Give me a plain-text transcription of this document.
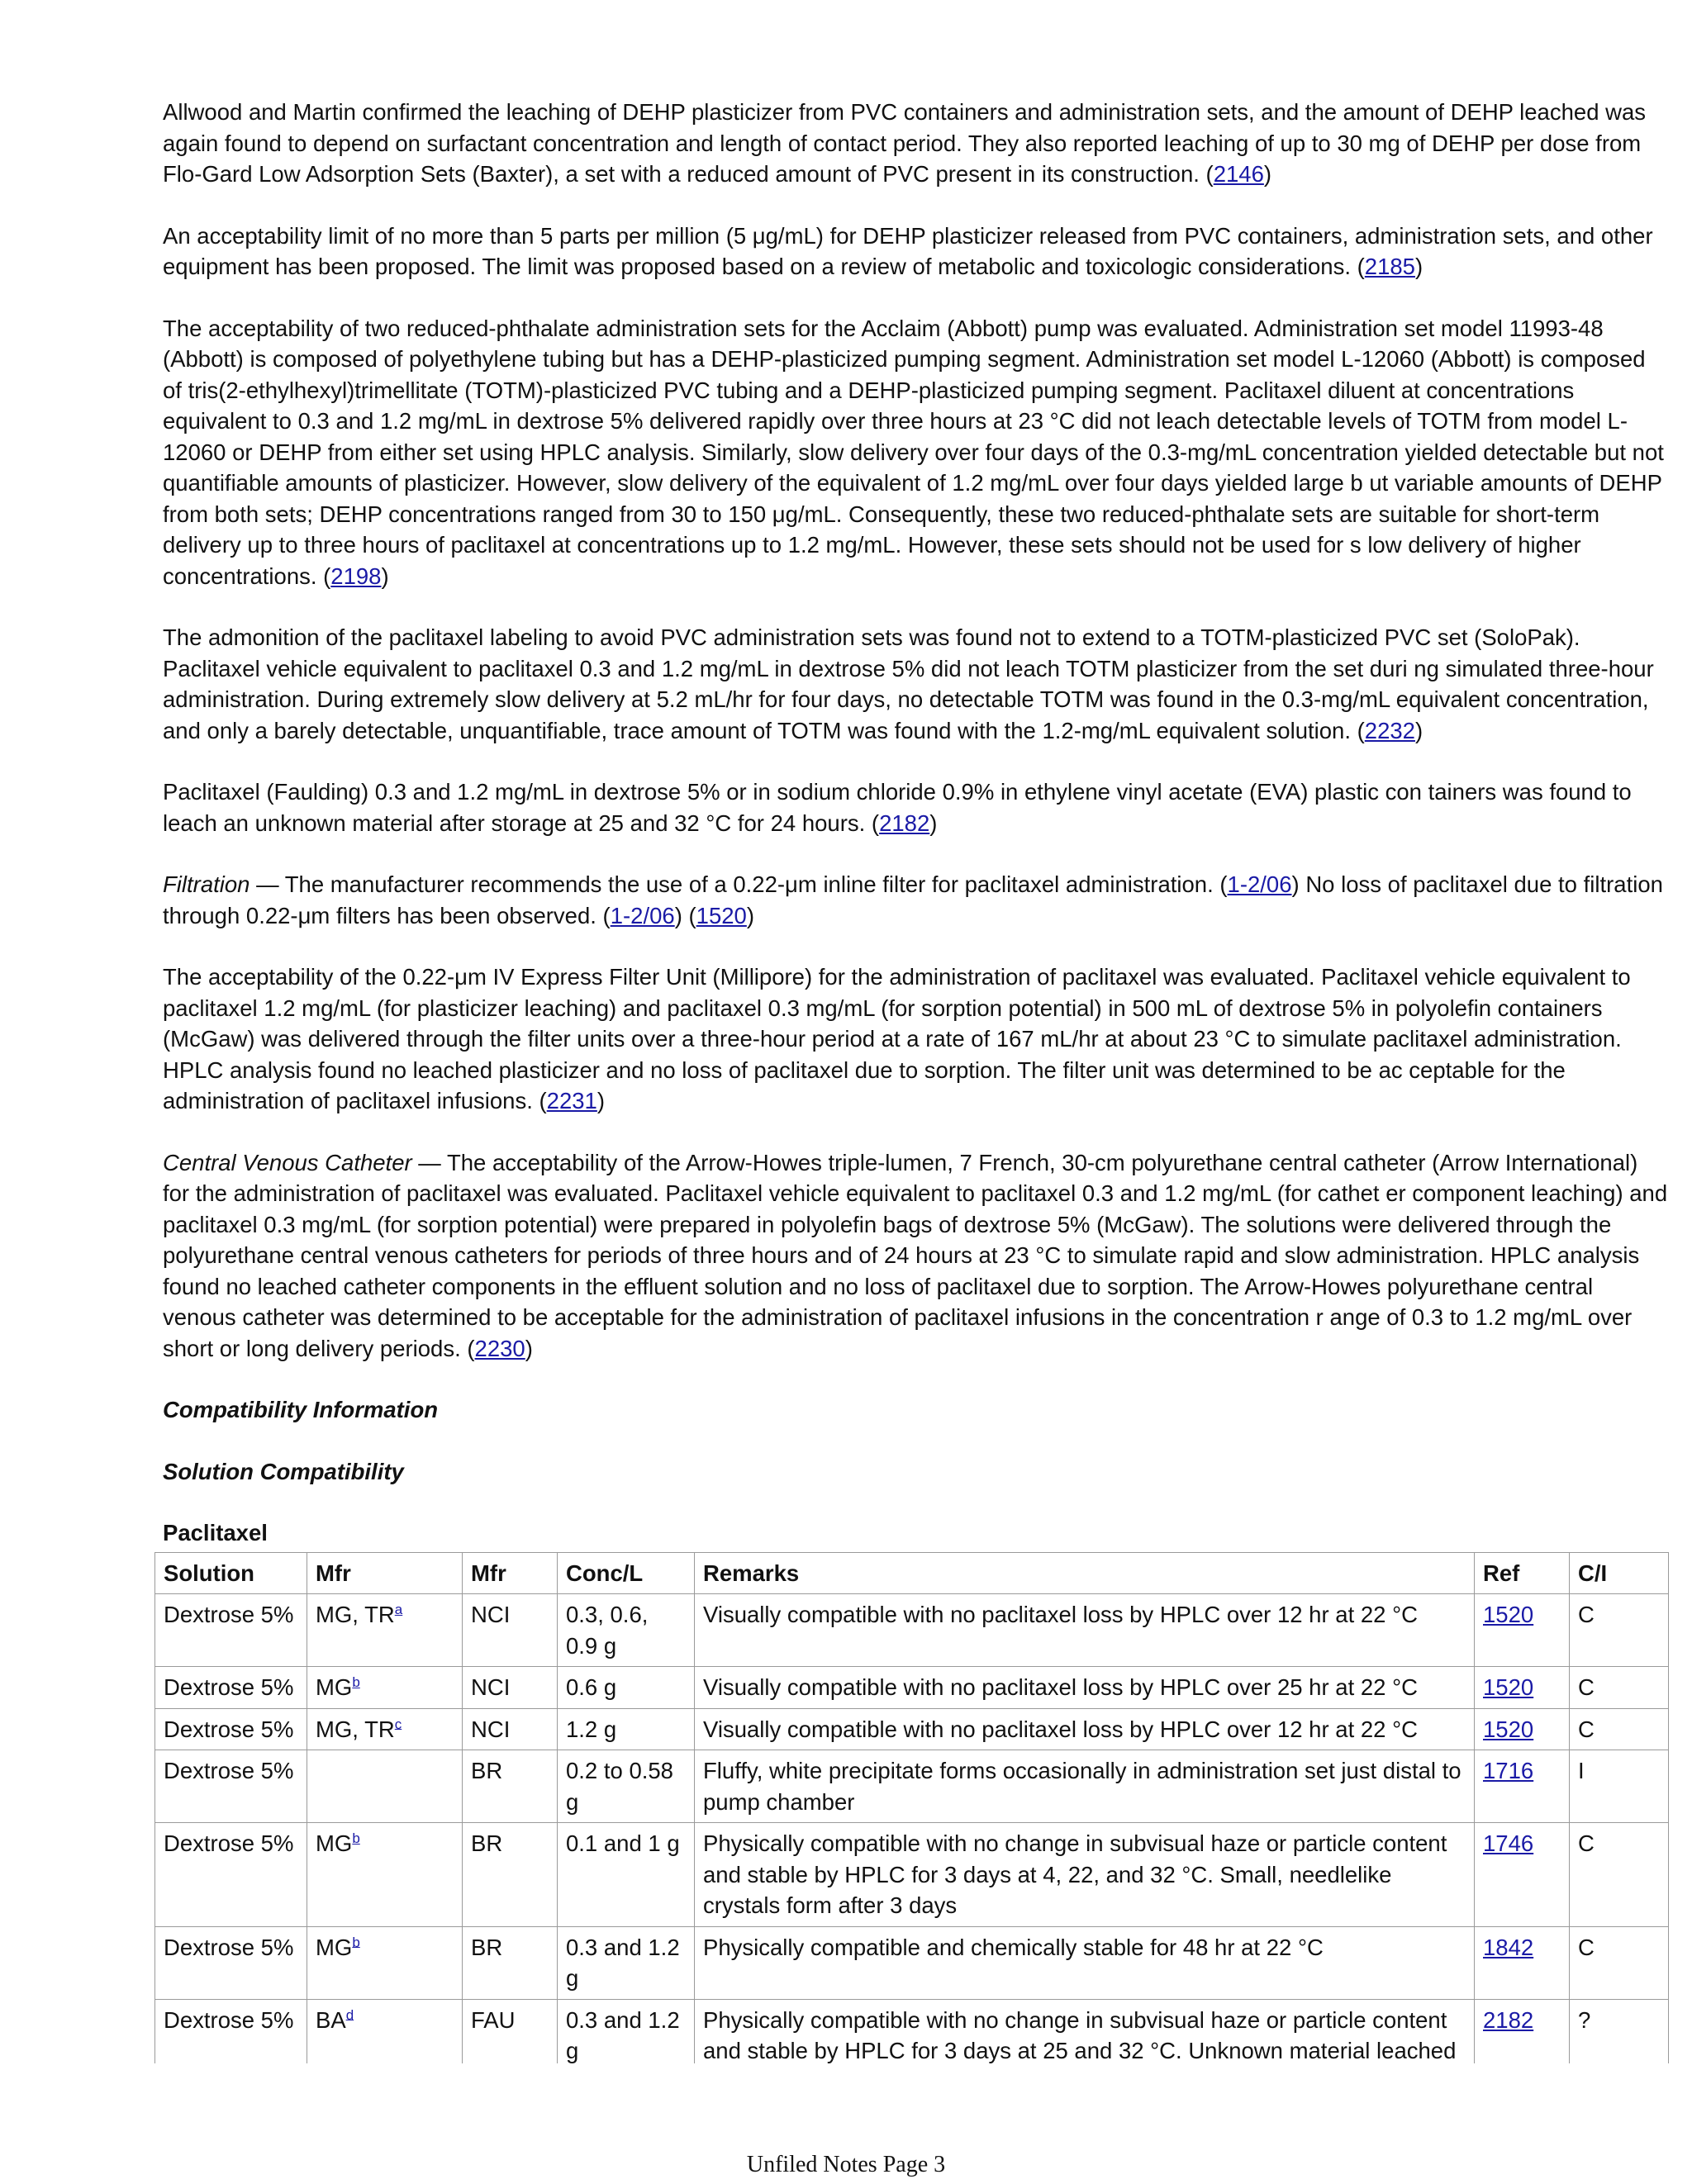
Allwood and Martin confirmed the leaching of DEHP plasticizer from PVC containers and administration sets, and the amount of DEHP leached was again found to depend on surfactant concentration and length of contact period. They also reported leaching of up to 30 mg of DEHP per dose from Flo-Gard Low Adsorption Sets (Baxter), a set with a reduced amount of PVC present in its construction. (2146)

An acceptability limit of no more than 5 parts per million (5 μg/mL) for DEHP plasticizer released from PVC containers, administration sets, and other equipment has been proposed. The limit was proposed based on a review of metabolic and toxicologic considerations. (2185)

The acceptability of two reduced-phthalate administration sets for the Acclaim (Abbott) pump was evaluated. Administration set model 11993-48 (Abbott) is composed of polyethylene tubing but has a DEHP-plasticized pumping segment. Administration set model L-12060 (Abbott) is composed of tris(2-ethylhexyl)trimellitate (TOTM)-plasticized PVC tubing and a DEHP-plasticized pumping segment. Paclitaxel diluent at concentrations equivalent to 0.3 and 1.2 mg/mL in dextrose 5% delivered rapidly over three hours at 23 °C did not leach detectable levels of TOTM from model L-12060 or DEHP from either set using HPLC analysis. Similarly, slow delivery over four days of the 0.3-mg/mL concentration yielded detectable but not quantifiable amounts of plasticizer. However, slow delivery of the equivalent of 1.2 mg/mL over four days yielded large b ut variable amounts of DEHP from both sets; DEHP concentrations ranged from 30 to 150 μg/mL. Consequently, these two reduced-phthalate sets are suitable for short-term delivery up to three hours of paclitaxel at concentrations up to 1.2 mg/mL. However, these sets should not be used for s low delivery of higher concentrations. (2198)

The admonition of the paclitaxel labeling to avoid PVC administration sets was found not to extend to a TOTM-plasticized PVC set (SoloPak). Paclitaxel vehicle equivalent to paclitaxel 0.3 and 1.2 mg/mL in dextrose 5% did not leach TOTM plasticizer from the set duri ng simulated three-hour administration. During extremely slow delivery at 5.2 mL/hr for four days, no detectable TOTM was found in the 0.3-mg/mL equivalent concentration, and only a barely detectable, unquantifiable, trace amount of TOTM was found with the 1.2-mg/mL equivalent solution. (2232)

Paclitaxel (Faulding) 0.3 and 1.2 mg/mL in dextrose 5% or in sodium chloride 0.9% in ethylene vinyl acetate (EVA) plastic con tainers was found to leach an unknown material after storage at 25 and 32 °C for 24 hours. (2182)

Filtration — The manufacturer recommends the use of a 0.22-μm inline filter for paclitaxel administration. (1-2/06) No loss of paclitaxel due to filtration through 0.22-μm filters has been observed. (1-2/06) (1520)

The acceptability of the 0.22-μm IV Express Filter Unit (Millipore) for the administration of paclitaxel was evaluated. Paclitaxel vehicle equivalent to paclitaxel 1.2 mg/mL (for plasticizer leaching) and paclitaxel 0.3 mg/mL (for sorption potential) in 500 mL of dextrose 5% in polyolefin containers (McGaw) was delivered through the filter units over a three-hour period at a rate of 167 mL/hr at about 23 °C to simulate paclitaxel administration. HPLC analysis found no leached plasticizer and no loss of paclitaxel due to sorption. The filter unit was determined to be ac ceptable for the administration of paclitaxel infusions. (2231)

Central Venous Catheter — The acceptability of the Arrow-Howes triple-lumen, 7 French, 30-cm polyurethane central catheter (Arrow International) for the administration of paclitaxel was evaluated. Paclitaxel vehicle equivalent to paclitaxel 0.3 and 1.2 mg/mL (for cathet er component leaching) and paclitaxel 0.3 mg/mL (for sorption potential) were prepared in polyolefin bags of dextrose 5% (McGaw). The solutions were delivered through the polyurethane central venous catheters for periods of three hours and of 24 hours at 23 °C to simulate rapid and slow administration. HPLC analysis found no leached catheter components in the effluent solution and no loss of paclitaxel due to sorption. The Arrow-Howes polyurethane central venous catheter was determined to be acceptable for the administration of paclitaxel infusions in the concentration r ange of 0.3 to 1.2 mg/mL over short or long delivery periods. (2230)

Compatibility Information

Solution Compatibility

Paclitaxel

Solution	Mfr	Mfr	Conc/L	Remarks	Ref	C/I
Dextrose 5%	MG, TR$^a$	NCI	0.3, 0.6, 0.9 g	Visually compatible with no paclitaxel loss by HPLC over 12 hr at 22 °C	1520	C
Dextrose 5%	MG$^b$	NCI	0.6 g	Visually compatible with no paclitaxel loss by HPLC over 25 hr at 22 °C	1520	C
Dextrose 5%	MG, TR$^c$	NCI	1.2 g	Visually compatible with no paclitaxel loss by HPLC over 12 hr at 22 °C	1520	C
Dextrose 5%		BR	0.2 to 0.58 g	Fluffy, white precipitate forms occasionally in administration set just distal to pump chamber	1716	I
Dextrose 5%	MG$^b$	BR	0.1 and 1 g	Physically compatible with no change in subvisual haze or particle content and stable by HPLC for 3 days at 4, 22, and 32 °C. Small, needlelike crystals form after 3 days	1746	C
Dextrose 5%	MG$^b$	BR	0.3 and 1.2 g	Physically compatible and chemically stable for 48 hr at 22 °C	1842	C
Dextrose 5%	BA$^d$	FAU	0.3 and 1.2 g	Physically compatible with no change in subvisual haze or particle content and stable by HPLC for 3 days at 25 and 32 °C. Unknown material leached	2182	?
Unfiled Notes Page 3
